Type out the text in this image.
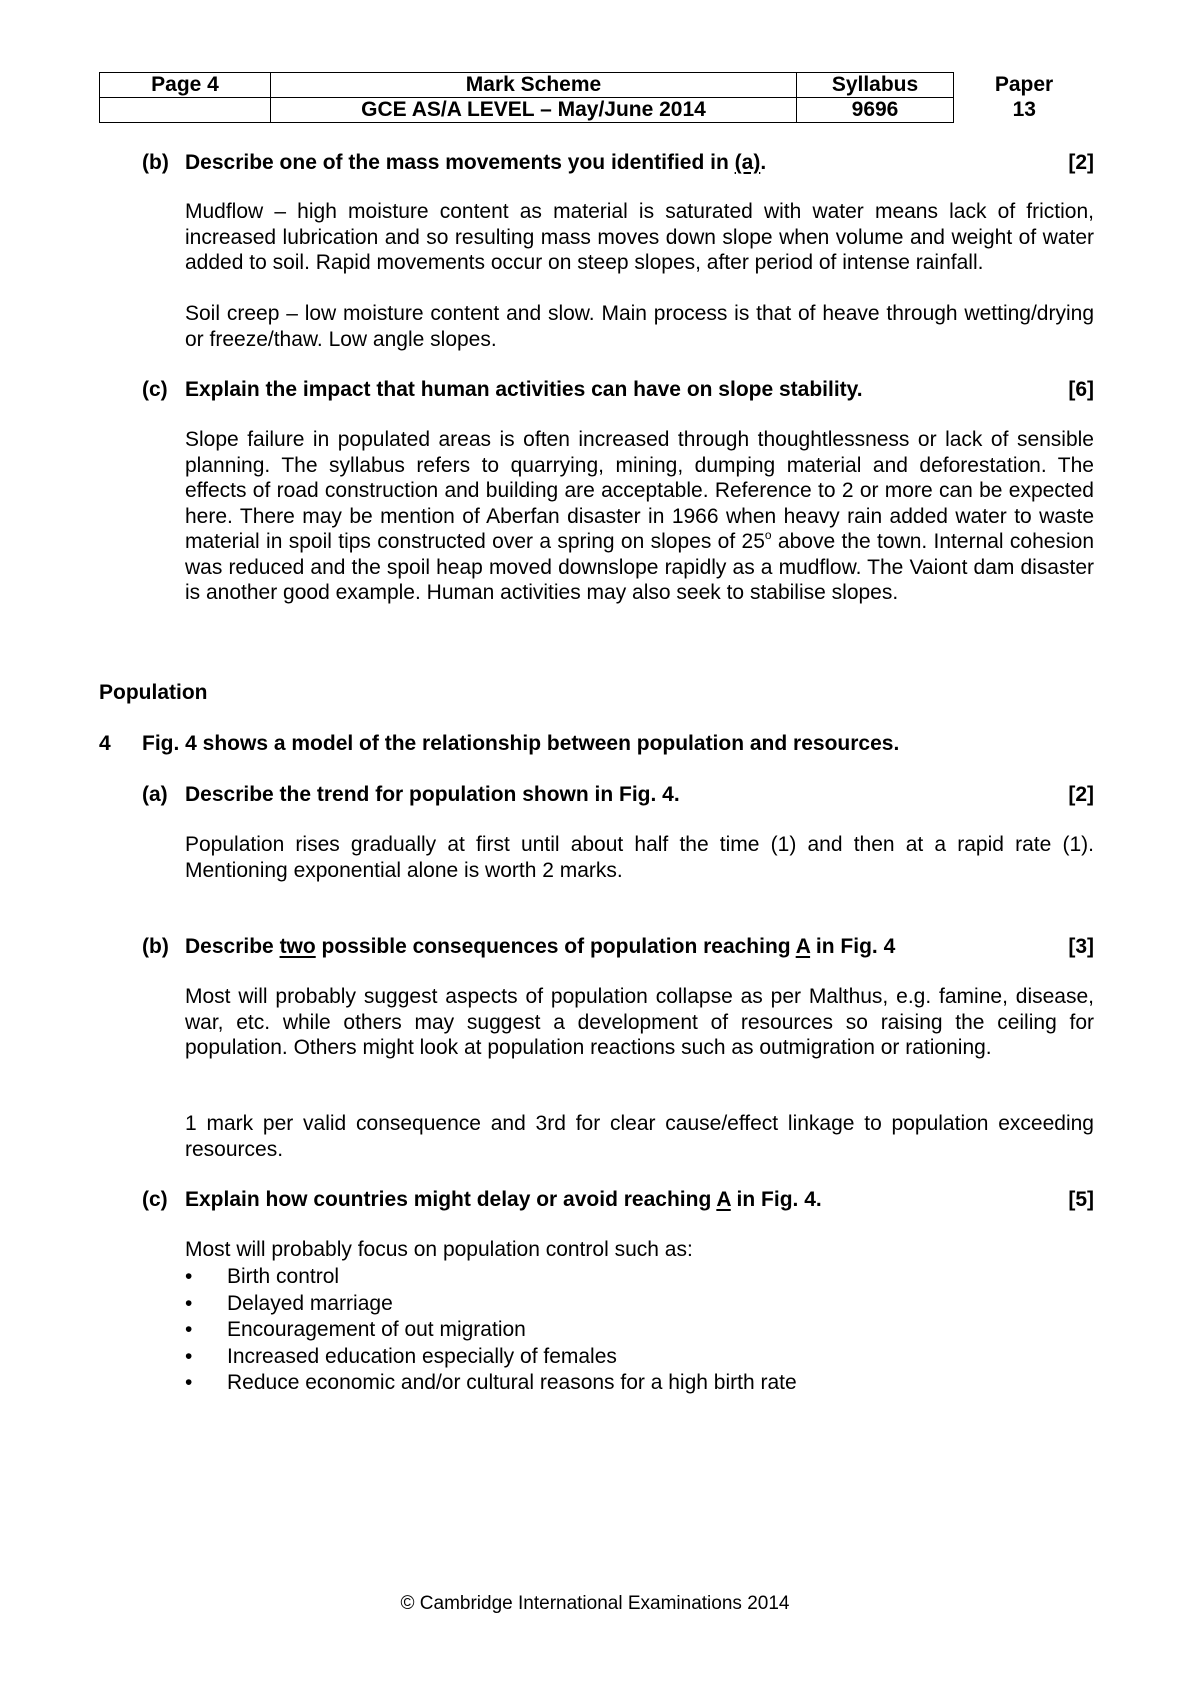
Page 4	Mark Scheme	Syllabus	Paper
	GCE AS/A LEVEL – May/June 2014	9696	13
(b) Describe one of the mass movements you identified in (a).	[2]
Mudflow – high moisture content as material is saturated with water means lack of friction, increased lubrication and so resulting mass moves down slope when volume and weight of water added to soil. Rapid movements occur on steep slopes, after period of intense rainfall.
Soil creep – low moisture content and slow. Main process is that of heave through wetting/drying or freeze/thaw. Low angle slopes.
(c) Explain the impact that human activities can have on slope stability.	[6]
Slope failure in populated areas is often increased through thoughtlessness or lack of sensible planning. The syllabus refers to quarrying, mining, dumping material and deforestation. The effects of road construction and building are acceptable. Reference to 2 or more can be expected here. There may be mention of Aberfan disaster in 1966 when heavy rain added water to waste material in spoil tips constructed over a spring on slopes of 25$^o$ above the town. Internal cohesion was reduced and the spoil heap moved downslope rapidly as a mudflow. The Vaiont dam disaster is another good example. Human activities may also seek to stabilise slopes.
Population
4 Fig. 4 shows a model of the relationship between population and resources.
(a) Describe the trend for population shown in Fig. 4.	[2]
Population rises gradually at first until about half the time (1) and then at a rapid rate (1). Mentioning exponential alone is worth 2 marks.
(b) Describe two possible consequences of population reaching A in Fig. 4	[3]
Most will probably suggest aspects of population collapse as per Malthus, e.g. famine, disease, war, etc. while others may suggest a development of resources so raising the ceiling for population. Others might look at population reactions such as outmigration or rationing.
1 mark per valid consequence and 3rd for clear cause/effect linkage to population exceeding resources.
(c) Explain how countries might delay or avoid reaching A in Fig. 4.	[5]
Most will probably focus on population control such as:
• Birth control
• Delayed marriage
• Encouragement of out migration
• Increased education especially of females
• Reduce economic and/or cultural reasons for a high birth rate
© Cambridge International Examinations 2014
